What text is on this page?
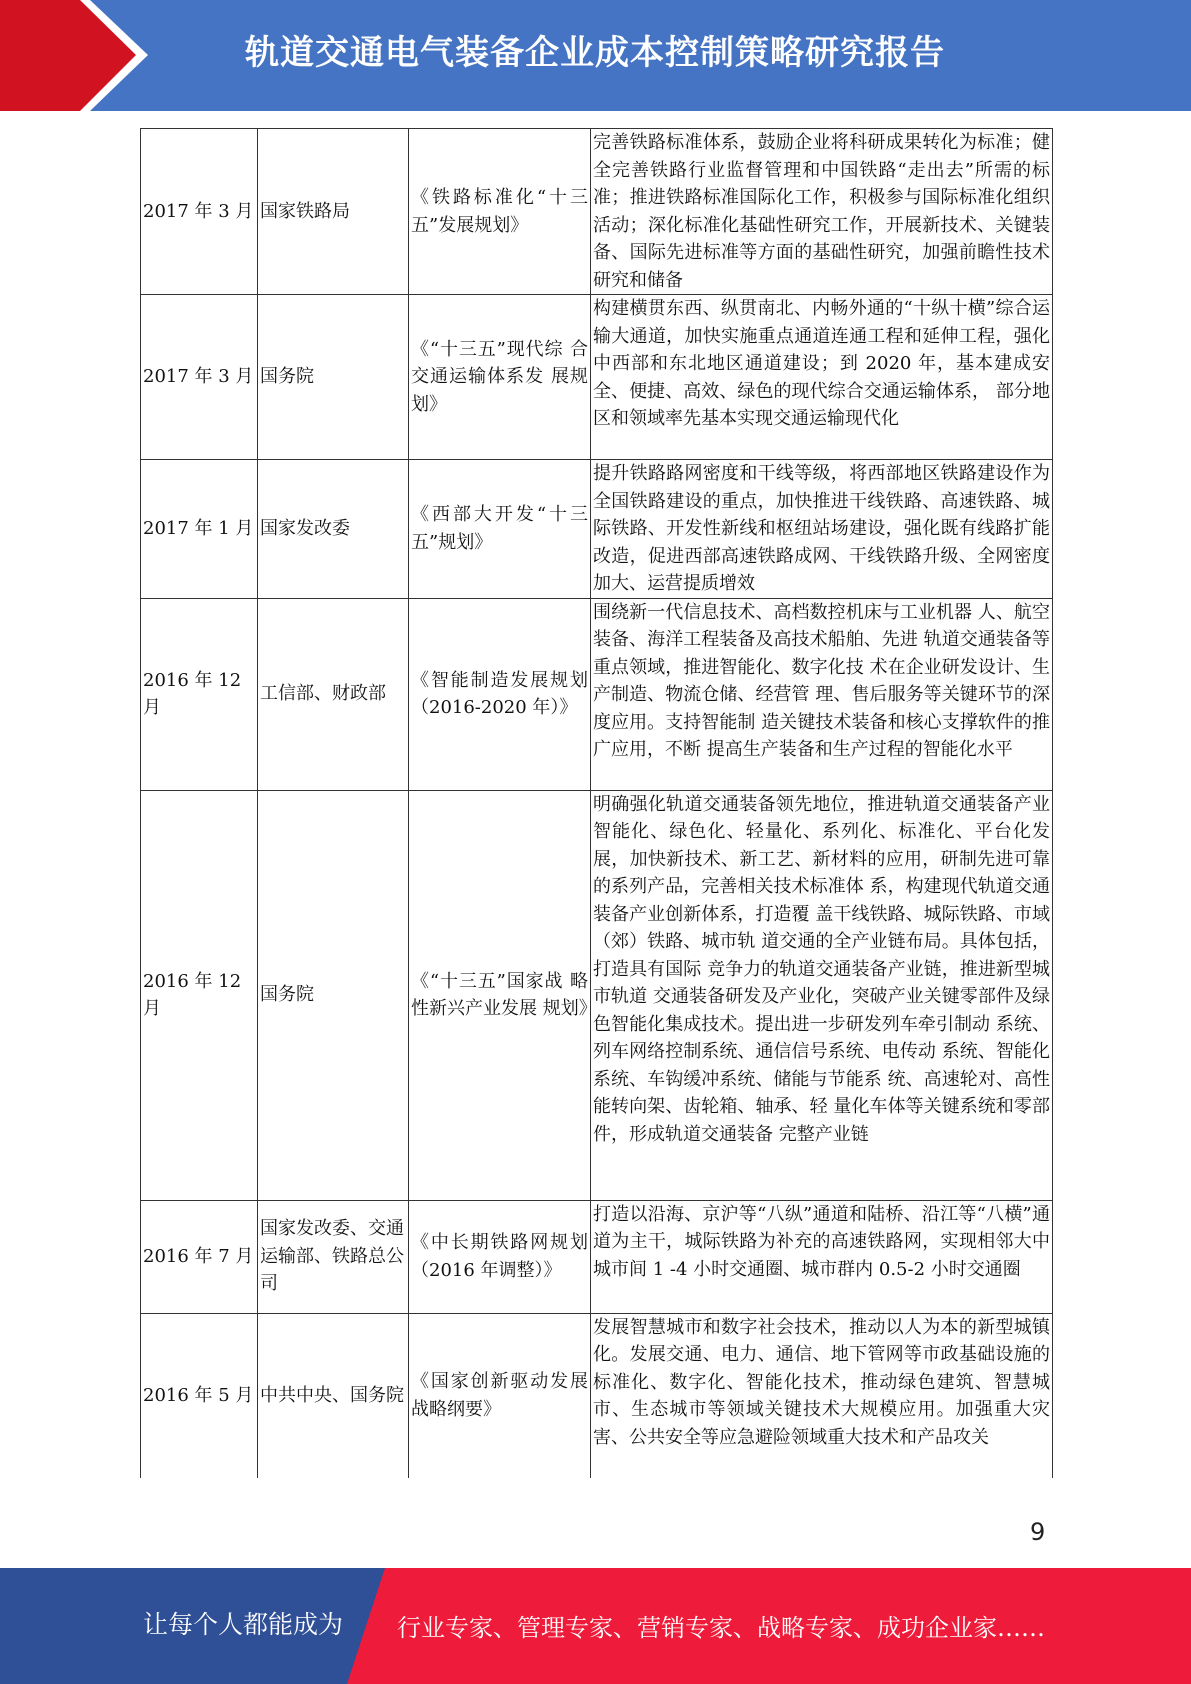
轨道交通电气装备企业成本控制策略研究报告
2017 年 3 月	国家铁路局	《铁路标准化“十三五”发展规划》	完善铁路标准体系，鼓励企业将科研成果转化为标准；健全完善铁路行业监督管理和中国铁路“走出去”所需的标准；推进铁路标准国际化工作，积极参与国际标准化组织活动；深化标准化基础性研究工作，开展新技术、关键装备、国际先进标准等方面的基础性研究，加强前瞻性技术研究和储备
2017 年 3 月	国务院	《“十三五”现代综 合交通运输体系发 展规划》	构建横贯东西、纵贯南北、内畅外通的“十纵十横”综合运输大通道，加快实施重点通道连通工程和延伸工程，强化中西部和东北地区通道建设；到 2020 年，基本建成安全、便捷、高效、绿色的现代综合交通运输体系， 部分地区和领域率先基本实现交通运输现代化
2017 年 1 月	国家发改委	《西部大开发“十三五”规划》	提升铁路路网密度和干线等级，将西部地区铁路建设作为全国铁路建设的重点，加快推进干线铁路、高速铁路、城际铁路、开发性新线和枢纽站场建设，强化既有线路扩能改造，促进西部高速铁路成网、干线铁路升级、全网密度加大、运营提质增效
2016 年 12 月	工信部、财政部	《智能制造发展规划（2016-2020 年）》	围绕新一代信息技术、高档数控机床与工业机器 人、航空装备、海洋工程装备及高技术船舶、先进 轨道交通装备等重点领域，推进智能化、数字化技 术在企业研发设计、生产制造、物流仓储、经营管 理、售后服务等关键环节的深度应用。支持智能制 造关键技术装备和核心支撑软件的推广应用，不断 提高生产装备和生产过程的智能化水平
2016 年 12 月	国务院	《“十三五”国家战 略性新兴产业发展 规划》	明确强化轨道交通装备领先地位，推进轨道交通装备产业智能化、绿色化、轻量化、系列化、标准化、平台化发展，加快新技术、新工艺、新材料的应用，研制先进可靠的系列产品，完善相关技术标准体 系，构建现代轨道交通装备产业创新体系，打造覆 盖干线铁路、城际铁路、市域（郊）铁路、城市轨 道交通的全产业链布局。具体包括，打造具有国际 竞争力的轨道交通装备产业链，推进新型城市轨道 交通装备研发及产业化，突破产业关键零部件及绿 色智能化集成技术。提出进一步研发列车牵引制动 系统、列车网络控制系统、通信信号系统、电传动 系统、智能化系统、车钩缓冲系统、储能与节能系 统、高速轮对、高性能转向架、齿轮箱、轴承、轻 量化车体等关键系统和零部件，形成轨道交通装备 完整产业链
2016 年 7 月	国家发改委、交通运输部、铁路总公司	《中长期铁路网规划（2016 年调整）》	打造以沿海、京沪等“八纵”通道和陆桥、沿江等“八横”通道为主干，城际铁路为补充的高速铁路网，实现相邻大中城市间 1 -4 小时交通圈、城市群内 0.5-2 小时交通圈
2016 年 5 月	中共中央、国务院	《国家创新驱动发展战略纲要》	发展智慧城市和数字社会技术，推动以人为本的新型城镇化。发展交通、电力、通信、地下管网等市政基础设施的标准化、数字化、智能化技术，推动绿色建筑、智慧城市、生态城市等领域关键技术大规模应用。加强重大灾害、公共安全等应急避险领域重大技术和产品攻关
9
让每个人都能成为 行业专家、管理专家、营销专家、战略专家、成功企业家……
